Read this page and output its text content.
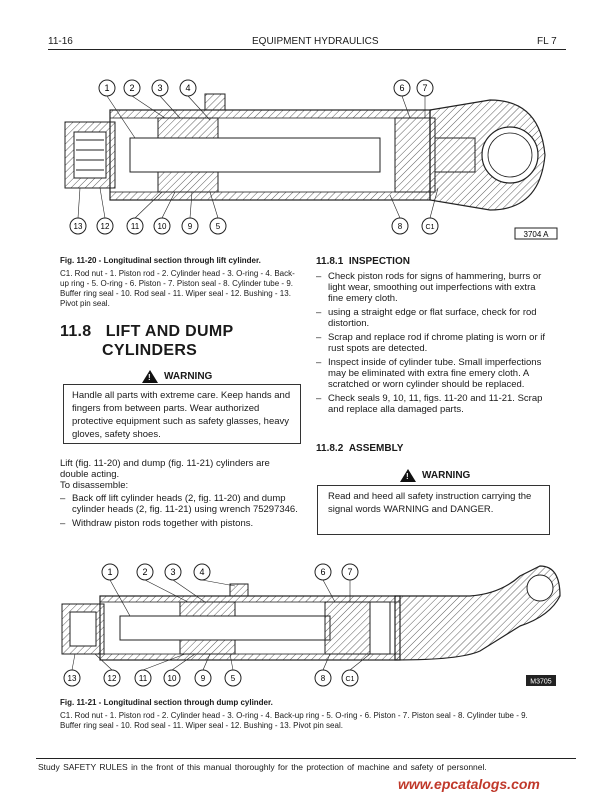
11-16	EQUIPMENT HYDRAULICS	FL 7
1 2	3	4	6 7
13 12	11 10	9	5	8	C1
3704 A
Fig. 11-20 - Longitudinal section through lift cylinder.
C1. Rod nut - 1. Piston rod - 2. Cylinder head - 3. O-ring - 4. Back-up ring - 5. O-ring - 6. Piston - 7. Piston seal - 8. Cylinder tube - 9. Buffer ring seal - 10. Rod seal - 11. Wiper seal - 12. Bushing - 13. Pivot pin seal.
11.8 LIFT AND DUMP
CYLINDERS
! WARNING
Handle all parts with extreme care. Keep hands and fingers from between parts. Wear authorized protective equipment such as safety glasses, heavy gloves, safety shoes.
Lift (fig. 11-20) and dump (fig. 11-21) cylinders are double acting.
To disassemble:
– Back off lift cylinder heads (2, fig. 11-20) and dump cylinder heads (2, fig. 11-21) using wrench 75297346.
– Withdraw piston rods together with pistons.
11.8.1 INSPECTION
– Check piston rods for signs of hammering, burrs or light wear, smoothing out imperfections with extra fine emery cloth.
– using a straight edge or flat surface, check for rod distortion.
– Scrap and replace rod if chrome plating is worn or if rust spots are detected.
– Inspect inside of cylinder tube. Small imperfections may be eliminated with extra fine emery cloth. A scratched or worn cylinder should be replaced.
– Check seals 9, 10, 11, figs. 11-20 and 11-21. Scrap and replace alla damaged parts.
11.8.2 ASSEMBLY
! WARNING
Read and heed all safety instruction carrying the signal words WARNING and DANGER.
1	2	3	4	6 7
13	12	11	10	9	5	8	C1	M3705
Fig. 11-21 - Longitudinal section through dump cylinder.
C1. Rod nut - 1. Piston rod - 2. Cylinder head - 3. O-ring - 4. Back-up ring - 5. O-ring - 6. Piston - 7. Piston seal - 8. Cylinder tube - 9. Buffer ring seal - 10. Rod seal - 11. Wiper seal - 12. Bushing - 13. Pivot pin seal.
Study SAFETY RULES in the front of this manual thoroughly for the protection of machine and safety of personnel.
www.epcatalogs.com
